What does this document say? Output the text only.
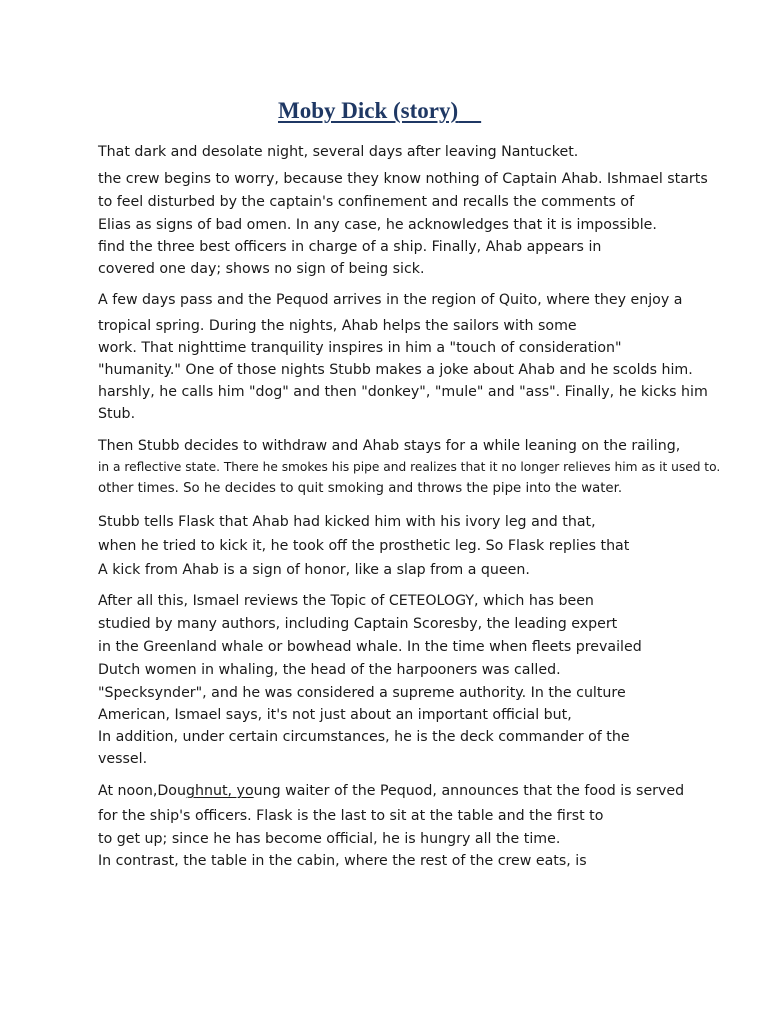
Moby Dick (story)
That dark and desolate night, several days after leaving Nantucket.
the crew begins to worry, because they know nothing of Captain Ahab. Ishmael starts
to feel disturbed by the captain's confinement and recalls the comments of
Elias as signs of bad omen. In any case, he acknowledges that it is impossible.
find the three best officers in charge of a ship. Finally, Ahab appears in
covered one day; shows no sign of being sick.
A few days pass and the Pequod arrives in the region of Quito, where they enjoy a
tropical spring. During the nights, Ahab helps the sailors with some
work. That nighttime tranquility inspires in him a "touch of consideration"
"humanity." One of those nights Stubb makes a joke about Ahab and he scolds him.
harshly, he calls him "dog" and then "donkey", "mule" and "ass". Finally, he kicks him
Stub.
Then Stubb decides to withdraw and Ahab stays for a while leaning on the railing,
in a reflective state. There he smokes his pipe and realizes that it no longer relieves him as it used to.
other times. So he decides to quit smoking and throws the pipe into the water.
Stubb tells Flask that Ahab had kicked him with his ivory leg and that,
when he tried to kick it, he took off the prosthetic leg. So Flask replies that
A kick from Ahab is a sign of honor, like a slap from a queen.
After all this, Ismael reviews the Topic of CETEOLOGY, which has been
studied by many authors, including Captain Scoresby, the leading expert
in the Greenland whale or bowhead whale. In the time when fleets prevailed
Dutch women in whaling, the head of the harpooners was called.
"Specksynder", and he was considered a supreme authority. In the culture
American, Ismael says, it's not just about an important official but,
In addition, under certain circumstances, he is the deck commander of the
vessel.
At noon,Doughnut, young waiter of the Pequod, announces that the food is served
for the ship's officers. Flask is the last to sit at the table and the first to
to get up; since he has become official, he is hungry all the time.
In contrast, the table in the cabin, where the rest of the crew eats, is
